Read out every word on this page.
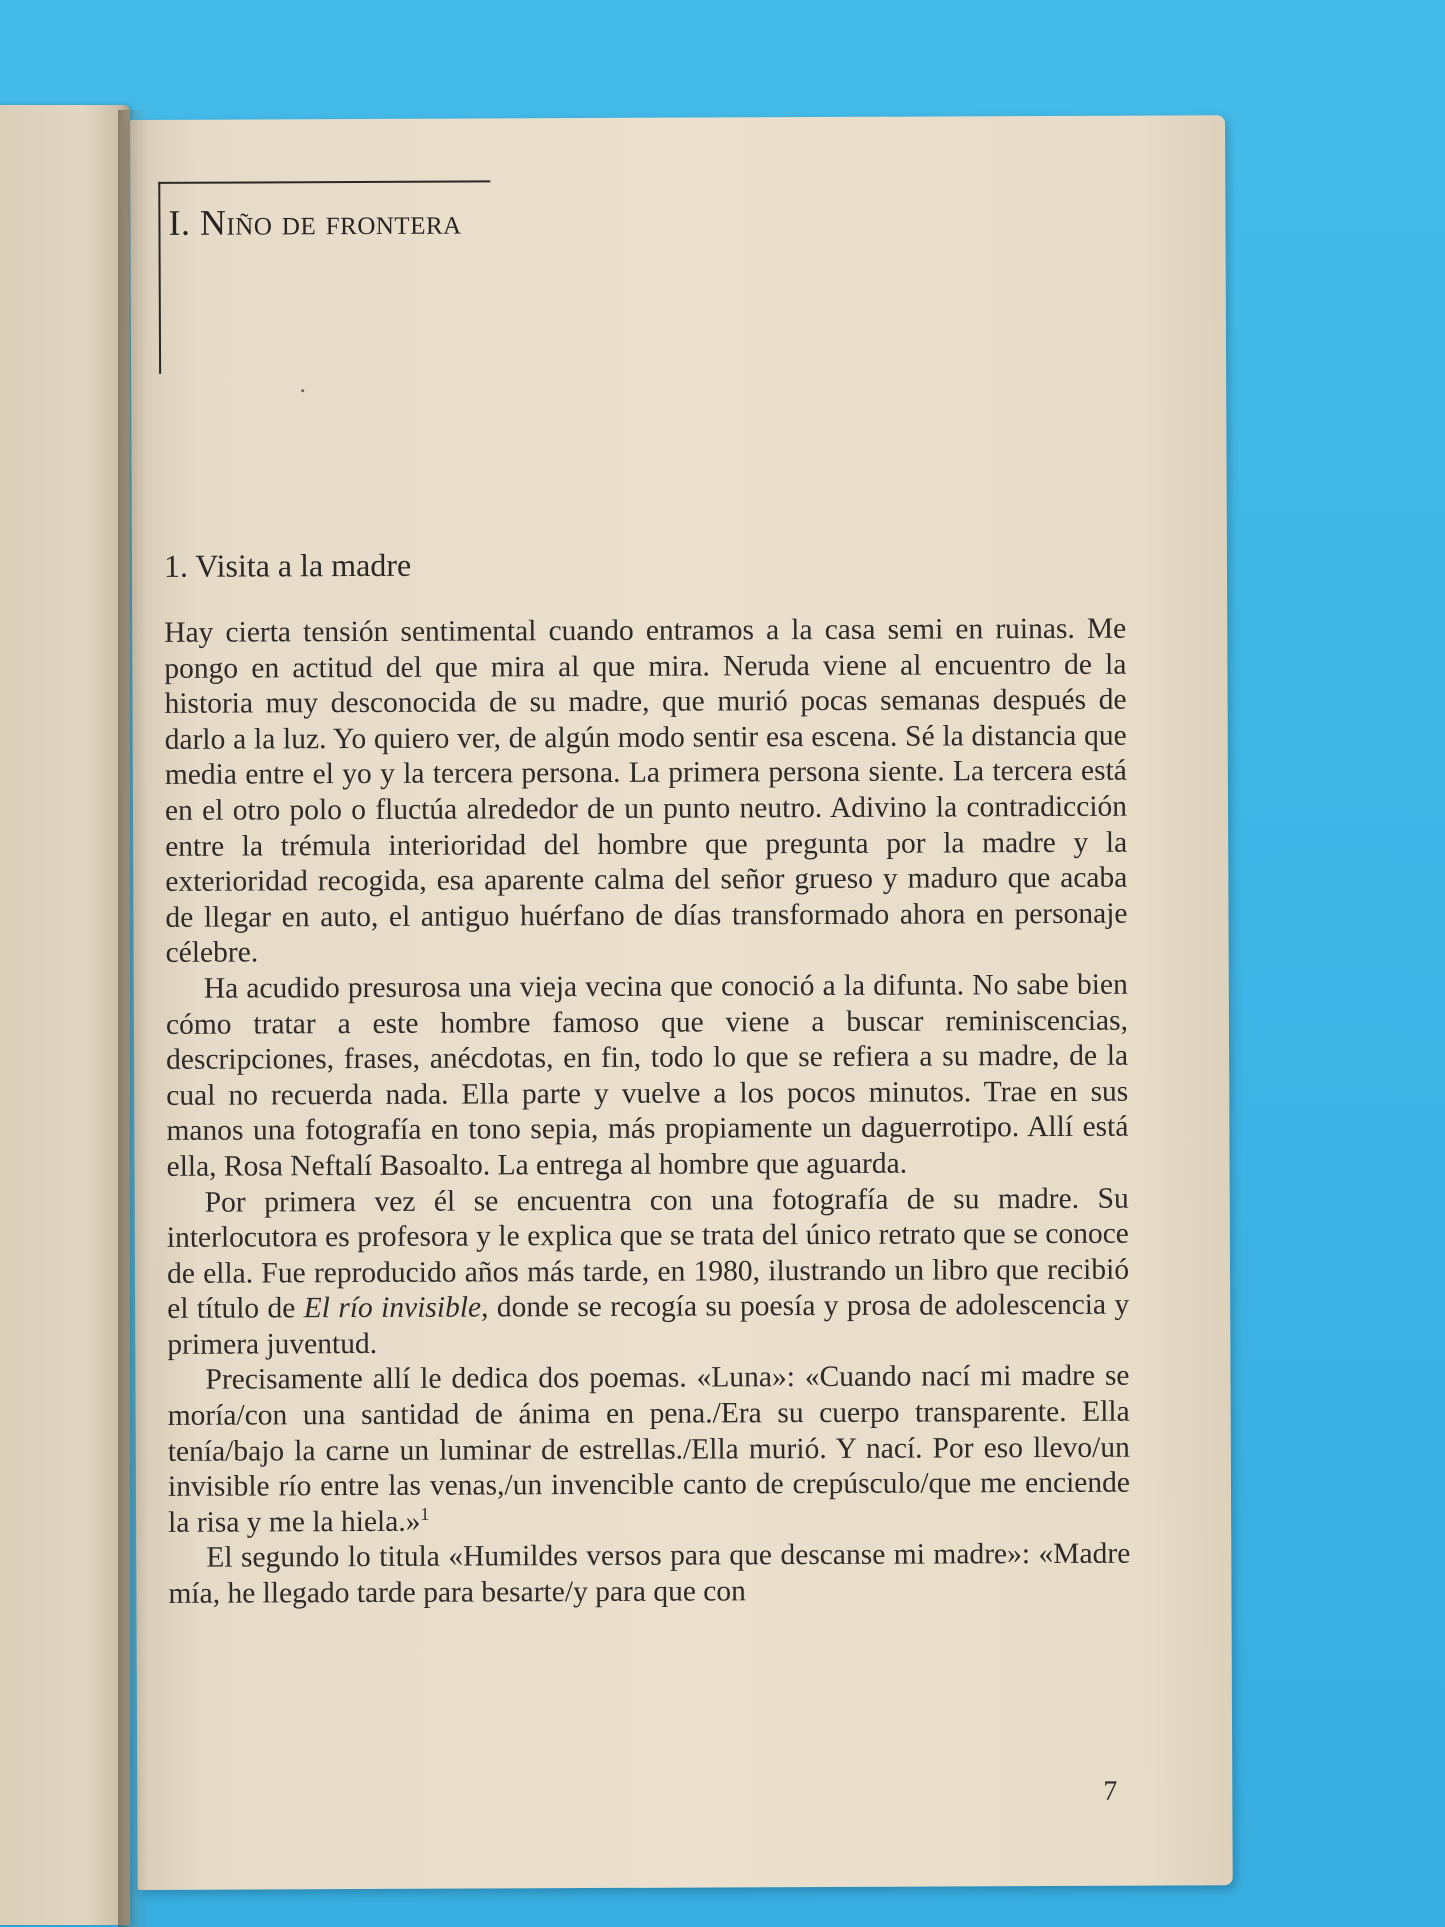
I. Niño de frontera
1. Visita a la madre

Hay cierta tensión sentimental cuando entramos a la casa semi en ruinas. Me pongo en actitud del que mira al que mira. Neruda viene al encuentro de la historia muy desconocida de su madre, que murió pocas semanas después de darlo a la luz. Yo quiero ver, de algún modo sentir esa escena. Sé la distancia que media entre el yo y la tercera persona. La primera persona siente. La tercera está en el otro polo o fluctúa alrededor de un punto neutro. Adivino la contradicción entre la trémula interioridad del hombre que pregunta por la madre y la exterioridad recogida, esa aparente calma del señor grueso y maduro que acaba de llegar en auto, el antiguo huérfano de días transformado ahora en personaje célebre.

Ha acudido presurosa una vieja vecina que conoció a la difunta. No sabe bien cómo tratar a este hombre famoso que viene a buscar reminiscencias, descripciones, frases, anécdotas, en fin, todo lo que se refiera a su madre, de la cual no recuerda nada. Ella parte y vuelve a los pocos minutos. Trae en sus manos una fotografía en tono sepia, más propiamente un daguerrotipo. Allí está ella, Rosa Neftalí Basoalto. La entrega al hombre que aguarda.

Por primera vez él se encuentra con una fotografía de su madre. Su interlocutora es profesora y le explica que se trata del único retrato que se conoce de ella. Fue reproducido años más tarde, en 1980, ilustrando un libro que recibió el título de El río invisible, donde se recogía su poesía y prosa de adolescencia y primera juventud.

Precisamente allí le dedica dos poemas. «Luna»: «Cuando nací mi madre se moría/con una santidad de ánima en pena./Era su cuerpo transparente. Ella tenía/bajo la carne un luminar de estrellas./Ella murió. Y nací. Por eso llevo/un invisible río entre las venas,/un invencible canto de crepúsculo/que me enciende la risa y me la hiela.»$^1$

El segundo lo titula «Humildes versos para que descanse mi madre»: «Madre mía, he llegado tarde para besarte/y para que con

7
